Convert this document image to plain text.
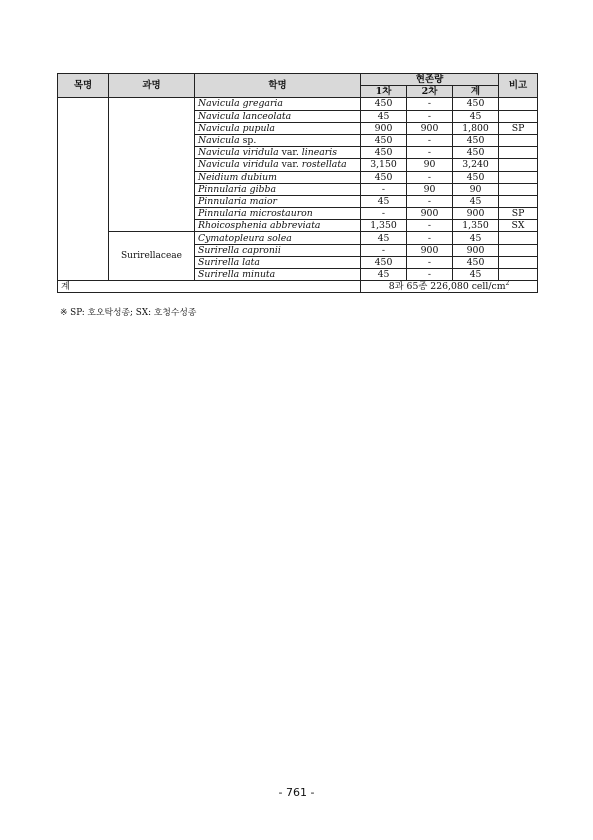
목명	과명	학명	현존량			비고
			1차	2차	계	
		Navicula gregaria	450	-	450	
		Navicula lanceolata	45	-	45	
		Navicula pupula	900	900	1,800	SP
		Navicula sp.	450	-	450	
		Navicula viridula var. linearis	450	-	450	
		Navicula viridula var. rostellata	3,150	90	3,240	
		Neidium dubium	450	-	450	
		Pinnularia gibba	-	90	90	
		Pinnularia maior	45	-	45	
		Pinnularia microstauron	-	900	900	SP
		Rhoicosphenia abbreviata	1,350	-	1,350	SX
	Surirellaceae	Cymatopleura solea	45	-	45	
		Surirella capronii	-	900	900	
		Surirella lata	450	-	450	
		Surirella minuta	45	-	45	
계			8과 65종 226,080 cell/$cm^2$
※ SP: 호오탁성종; SX: 호청수성종
- 761 -
